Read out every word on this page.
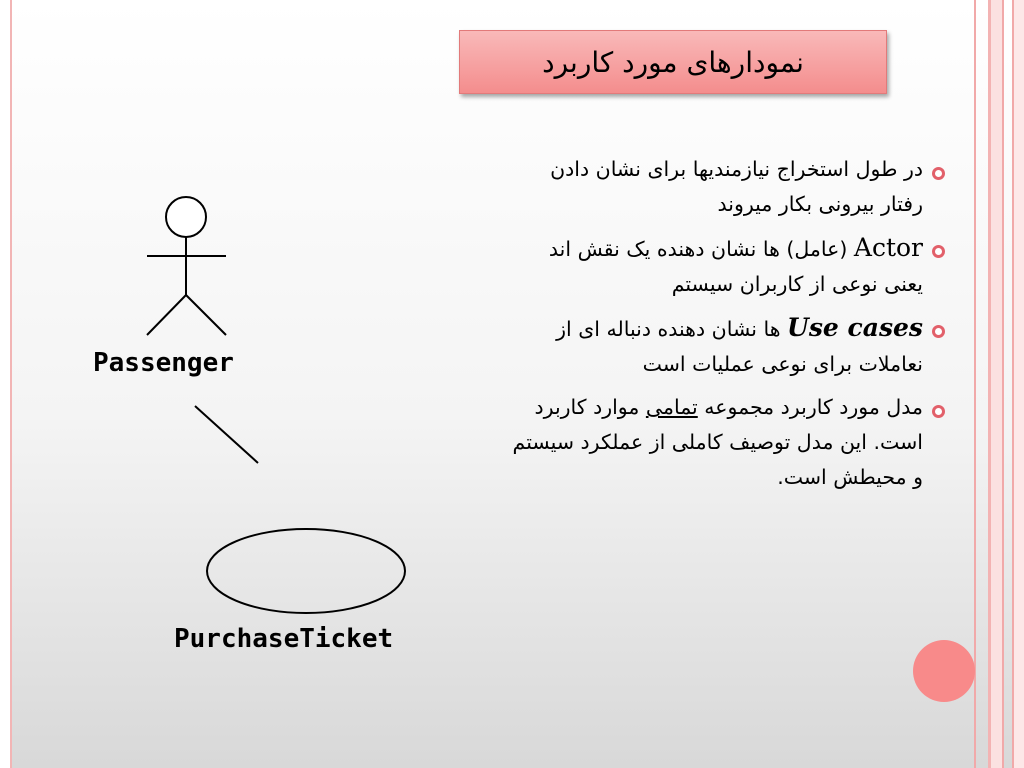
نمودارهای مورد کاربرد
در طول استخراج نیازمندیها برای نشان دادن رفتار بیرونی بکار میروند
Actor (عامل) ها نشان دهنده یک نقش اند یعنی نوعی از کاربران سیستم
Use cases ها نشان دهنده دنباله ای از نعاملات برای نوعی عملیات است
مدل مورد کاربرد مجموعه تمامی موارد کاربرد است. این مدل توصیف کاملی از عملکرد سیستم و محیطش است.
Passenger
PurchaseTicket
